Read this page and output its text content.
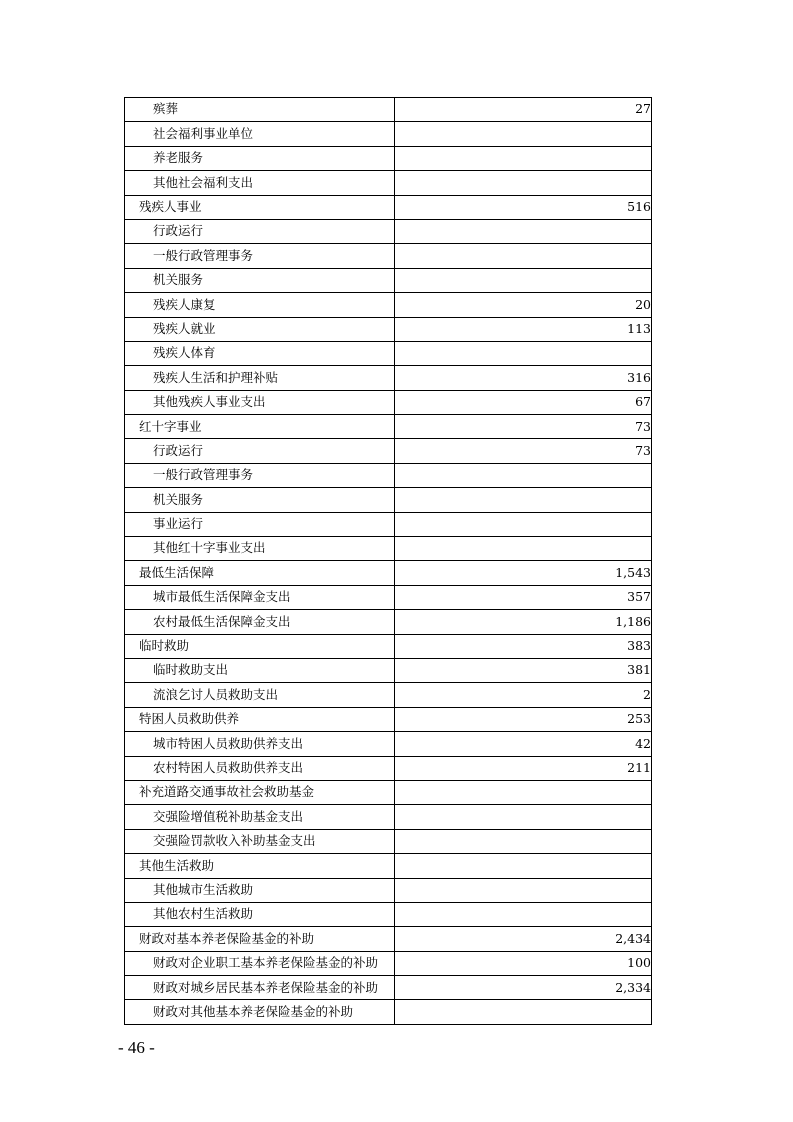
殡葬	27
社会福利事业单位	
养老服务	
其他社会福利支出	
残疾人事业	516
行政运行	
一般行政管理事务	
机关服务	
残疾人康复	20
残疾人就业	113
残疾人体育	
残疾人生活和护理补贴	316
其他残疾人事业支出	67
红十字事业	73
行政运行	73
一般行政管理事务	
机关服务	
事业运行	
其他红十字事业支出	
最低生活保障	1,543
城市最低生活保障金支出	357
农村最低生活保障金支出	1,186
临时救助	383
临时救助支出	381
流浪乞讨人员救助支出	2
特困人员救助供养	253
城市特困人员救助供养支出	42
农村特困人员救助供养支出	211
补充道路交通事故社会救助基金	
交强险增值税补助基金支出	
交强险罚款收入补助基金支出	
其他生活救助	
其他城市生活救助	
其他农村生活救助	
财政对基本养老保险基金的补助	2,434
财政对企业职工基本养老保险基金的补助	100
财政对城乡居民基本养老保险基金的补助	2,334
财政对其他基本养老保险基金的补助	
- 46 -
